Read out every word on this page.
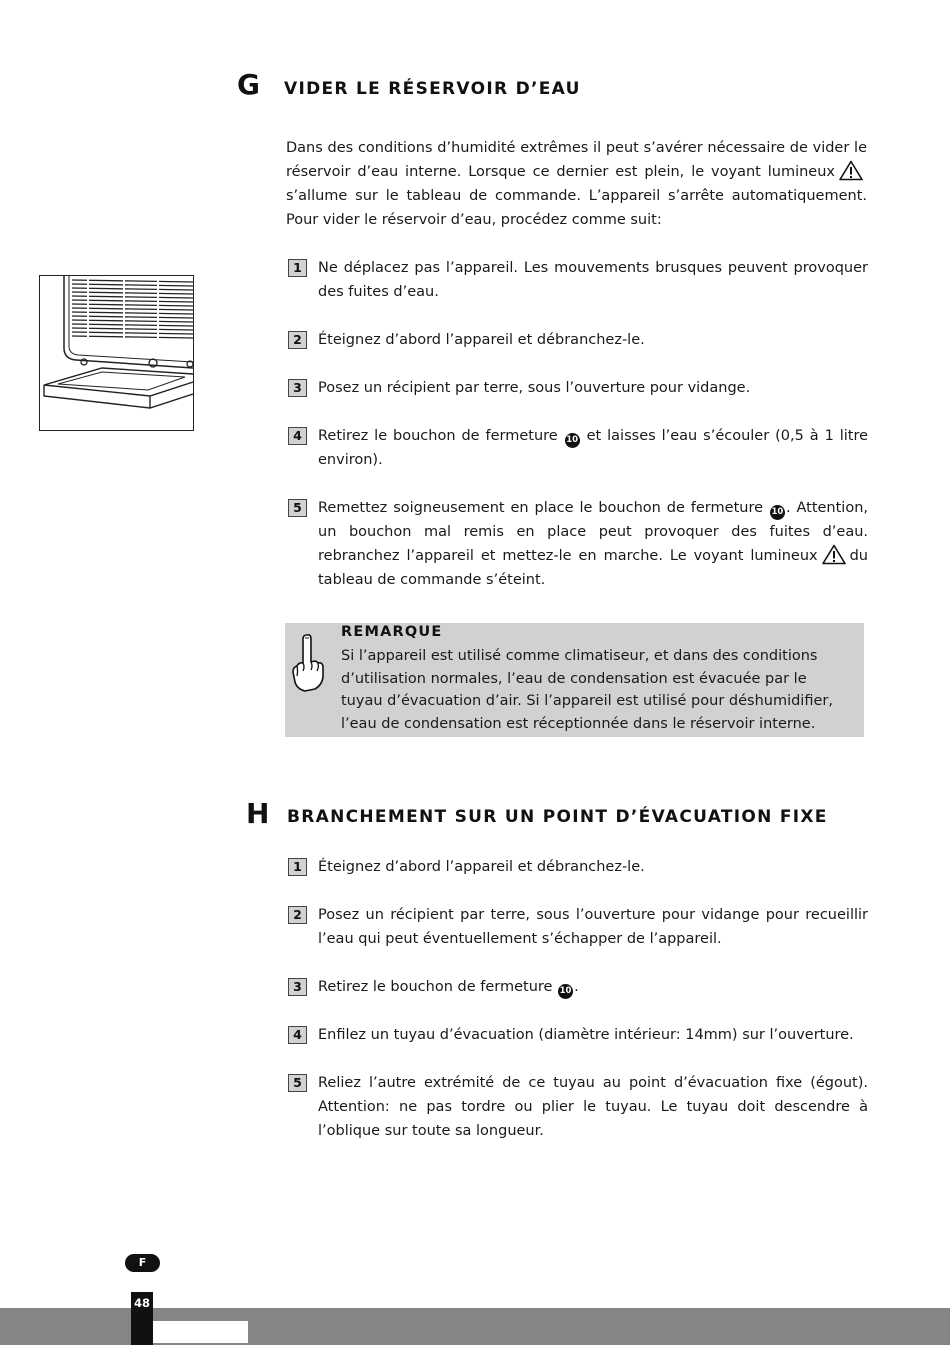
G VIDER LE RÉSERVOIR D’EAU
Dans des conditions d’humidité extrêmes il peut s’avérer nécessaire de vider le réservoir d’eau interne. Lorsque ce dernier est plein, le voyant lumineuxs’allume sur le tableau de commande. L’appareil s’arrête automatiquement. Pour vider le réservoir d’eau, procédez comme suit:
1	Ne déplacez pas l’appareil. Les mouvements brusques peuvent provoquer des fuites d’eau.
2	Éteignez d’abord l’appareil et débranchez-le.
3	Posez un récipient par terre, sous l’ouverture pour vidange.
4	Retirez le bouchon de fermeture 10 et laisses l’eau s’écouler (0,5 à 1 litre environ).
5	Remettez soigneusement en place le bouchon de fermeture 10 . Attention, un bouchon mal remis en place peut provoquer des fuites d’eau. rebranchez l’appareil et mettez-le en marche. Le voyant lumineux du tableau de commande s’éteint.
REMARQUE
Si l’appareil est utilisé comme climatiseur, et dans des conditions d’utilisation normales, l’eau de condensation est évacuée par le tuyau d’évacuation d’air. Si l’appareil est utilisé pour déshumidifier, l’eau de condensation est réceptionnée dans le réservoir interne.
H BRANCHEMENT SUR UN POINT D’ÉVACUATION FIXE
1	Éteignez d’abord l’appareil et débranchez-le.
2	Posez un récipient par terre, sous l’ouverture pour vidange pour recueillir l’eau qui peut éventuellement s’échapper de l’appareil.
3	Retirez le bouchon de fermeture 10 .
4	Enfilez un tuyau d’évacuation (diamètre intérieur: 14mm) sur l’ouverture.
5	Reliez l’autre extrémité de ce tuyau au point d’évacuation fixe (égout). Attention: ne pas tordre ou plier le tuyau. Le tuyau doit descendre à l’oblique sur toute sa longueur.
F
48
